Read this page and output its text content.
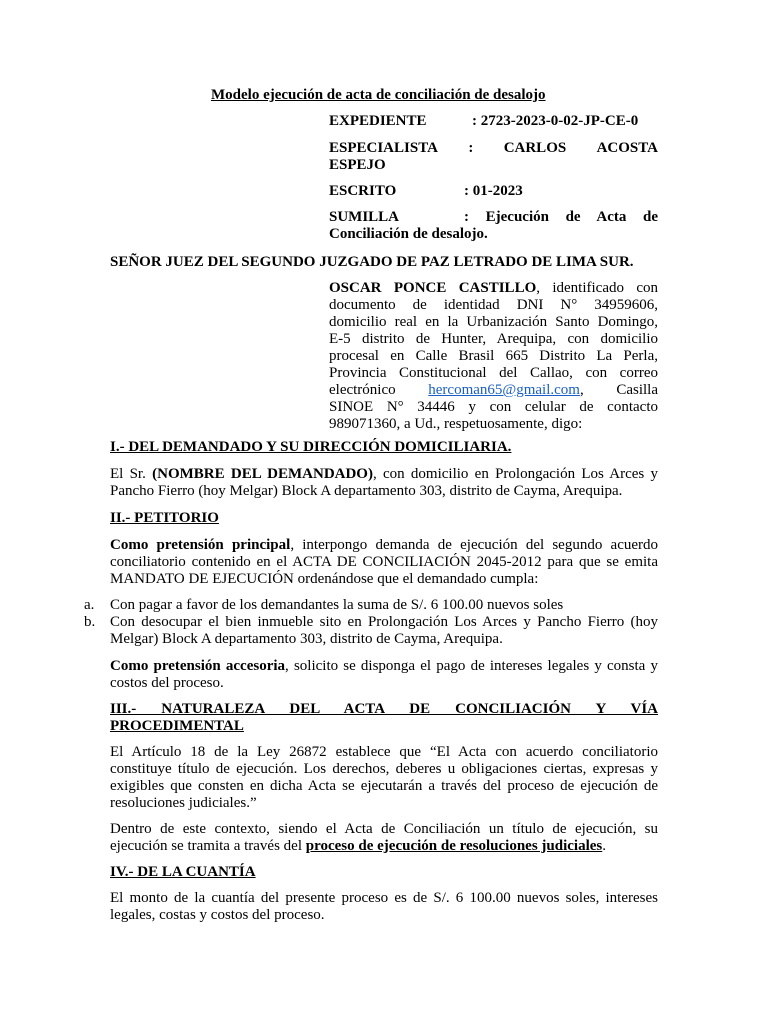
Modelo ejecución de acta de conciliación de desalojo
EXPEDIENTE	: 2723-2023-0-02-JP-CE-0
ESPECIALISTA : CARLOS ACOSTA
ESPEJO
ESCRITO	: 01-2023
SUMILLA	: Ejecución de Acta de
Conciliación de desalojo.
SEÑOR JUEZ DEL SEGUNDO JUZGADO DE PAZ LETRADO DE LIMA SUR.
OSCAR PONCE CASTILLO, identificado con
documento de identidad DNI N° 34959606,
domicilio real en la Urbanización Santo Domingo,
E-5 distrito de Hunter, Arequipa, con domicilio
procesal en Calle Brasil 665 Distrito La Perla,
Provincia Constitucional del Callao, con correo
electrónico hercoman65@gmail.com, Casilla
SINOE N° 34446 y con celular de contacto
989071360, a Ud., respetuosamente, digo:
I.- DEL DEMANDADO Y SU DIRECCIÓN DOMICILIARIA.
El Sr. (NOMBRE DEL DEMANDADO), con domicilio en Prolongación Los Arces y
Pancho Fierro (hoy Melgar) Block A departamento 303, distrito de Cayma, Arequipa.
II.- PETITORIO
Como pretensión principal, interpongo demanda de ejecución del segundo acuerdo
conciliatorio contenido en el ACTA DE CONCILIACIÓN 2045-2012 para que se emita
MANDATO DE EJECUCIÓN ordenándose que el demandado cumpla:
a. Con pagar a favor de los demandantes la suma de S/. 6 100.00 nuevos soles
b. Con desocupar el bien inmueble sito en Prolongación Los Arces y Pancho Fierro (hoy
Melgar) Block A departamento 303, distrito de Cayma, Arequipa.
Como pretensión accesoria, solicito se disponga el pago de intereses legales y consta y
costos del proceso.
III.- NATURALEZA DEL ACTA DE CONCILIACIÓN Y VÍA
PROCEDIMENTAL
El Artículo 18 de la Ley 26872 establece que “El Acta con acuerdo conciliatorio
constituye título de ejecución. Los derechos, deberes u obligaciones ciertas, expresas y
exigibles que consten en dicha Acta se ejecutarán a través del proceso de ejecución de
resoluciones judiciales.”
Dentro de este contexto, siendo el Acta de Conciliación un título de ejecución, su
ejecución se tramita a través del proceso de ejecución de resoluciones judiciales.
IV.- DE LA CUANTÍA
El monto de la cuantía del presente proceso es de S/. 6 100.00 nuevos soles, intereses
legales, costas y costos del proceso.
